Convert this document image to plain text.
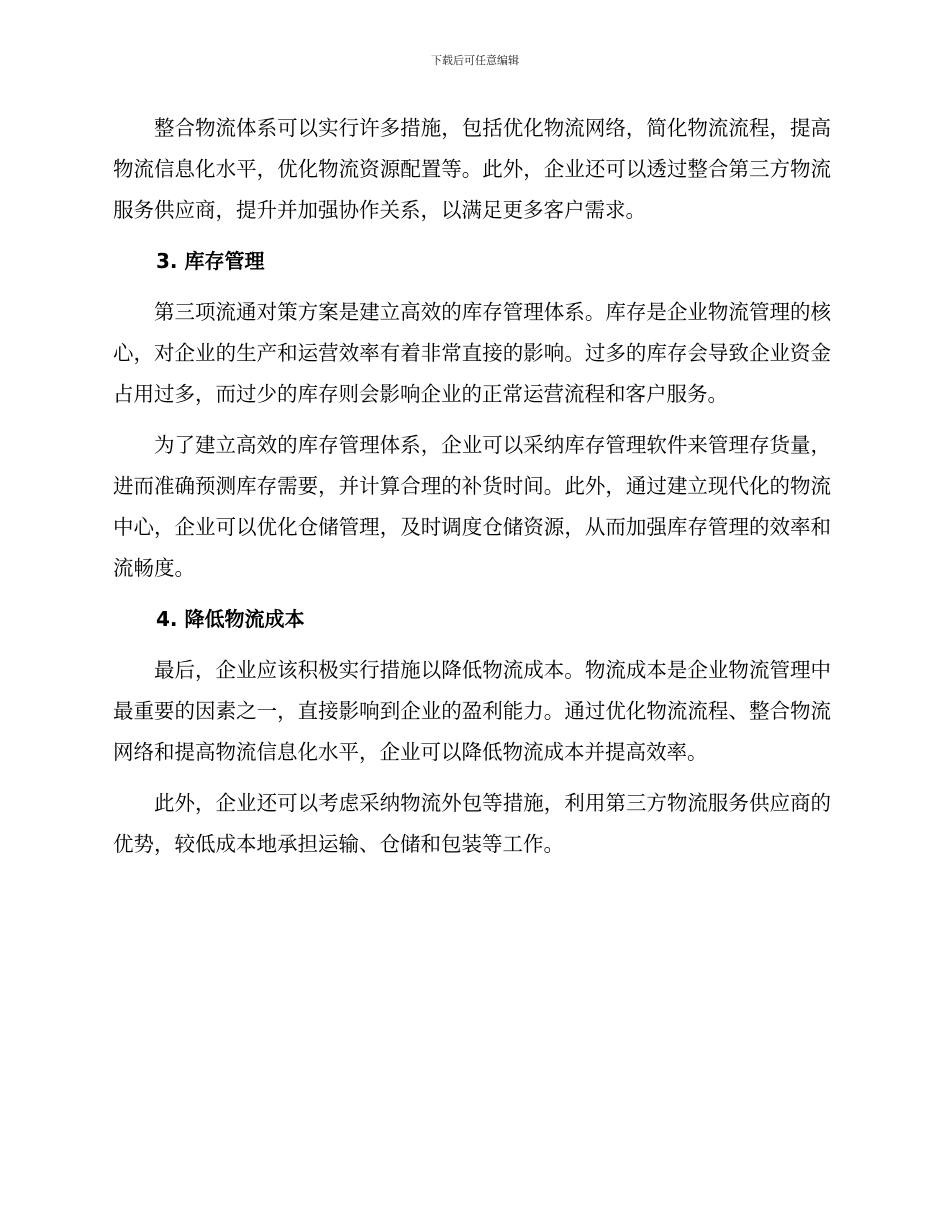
下载后可任意编辑

整合物流体系可以实行许多措施，包括优化物流网络，简化物流流程，提高物流信息化水平，优化物流资源配置等。此外，企业还可以透过整合第三方物流服务供应商，提升并加强协作关系，以满足更多客户需求。

3. 库存管理

第三项流通对策方案是建立高效的库存管理体系。库存是企业物流管理的核心，对企业的生产和运营效率有着非常直接的影响。过多的库存会导致企业资金占用过多，而过少的库存则会影响企业的正常运营流程和客户服务。

为了建立高效的库存管理体系，企业可以采纳库存管理软件来管理存货量，进而准确预测库存需要，并计算合理的补货时间。此外，通过建立现代化的物流中心，企业可以优化仓储管理，及时调度仓储资源，从而加强库存管理的效率和流畅度。

4. 降低物流成本

最后，企业应该积极实行措施以降低物流成本。物流成本是企业物流管理中最重要的因素之一，直接影响到企业的盈利能力。通过优化物流流程、整合物流网络和提高物流信息化水平，企业可以降低物流成本并提高效率。

此外，企业还可以考虑采纳物流外包等措施，利用第三方物流服务供应商的优势，较低成本地承担运输、仓储和包装等工作。
